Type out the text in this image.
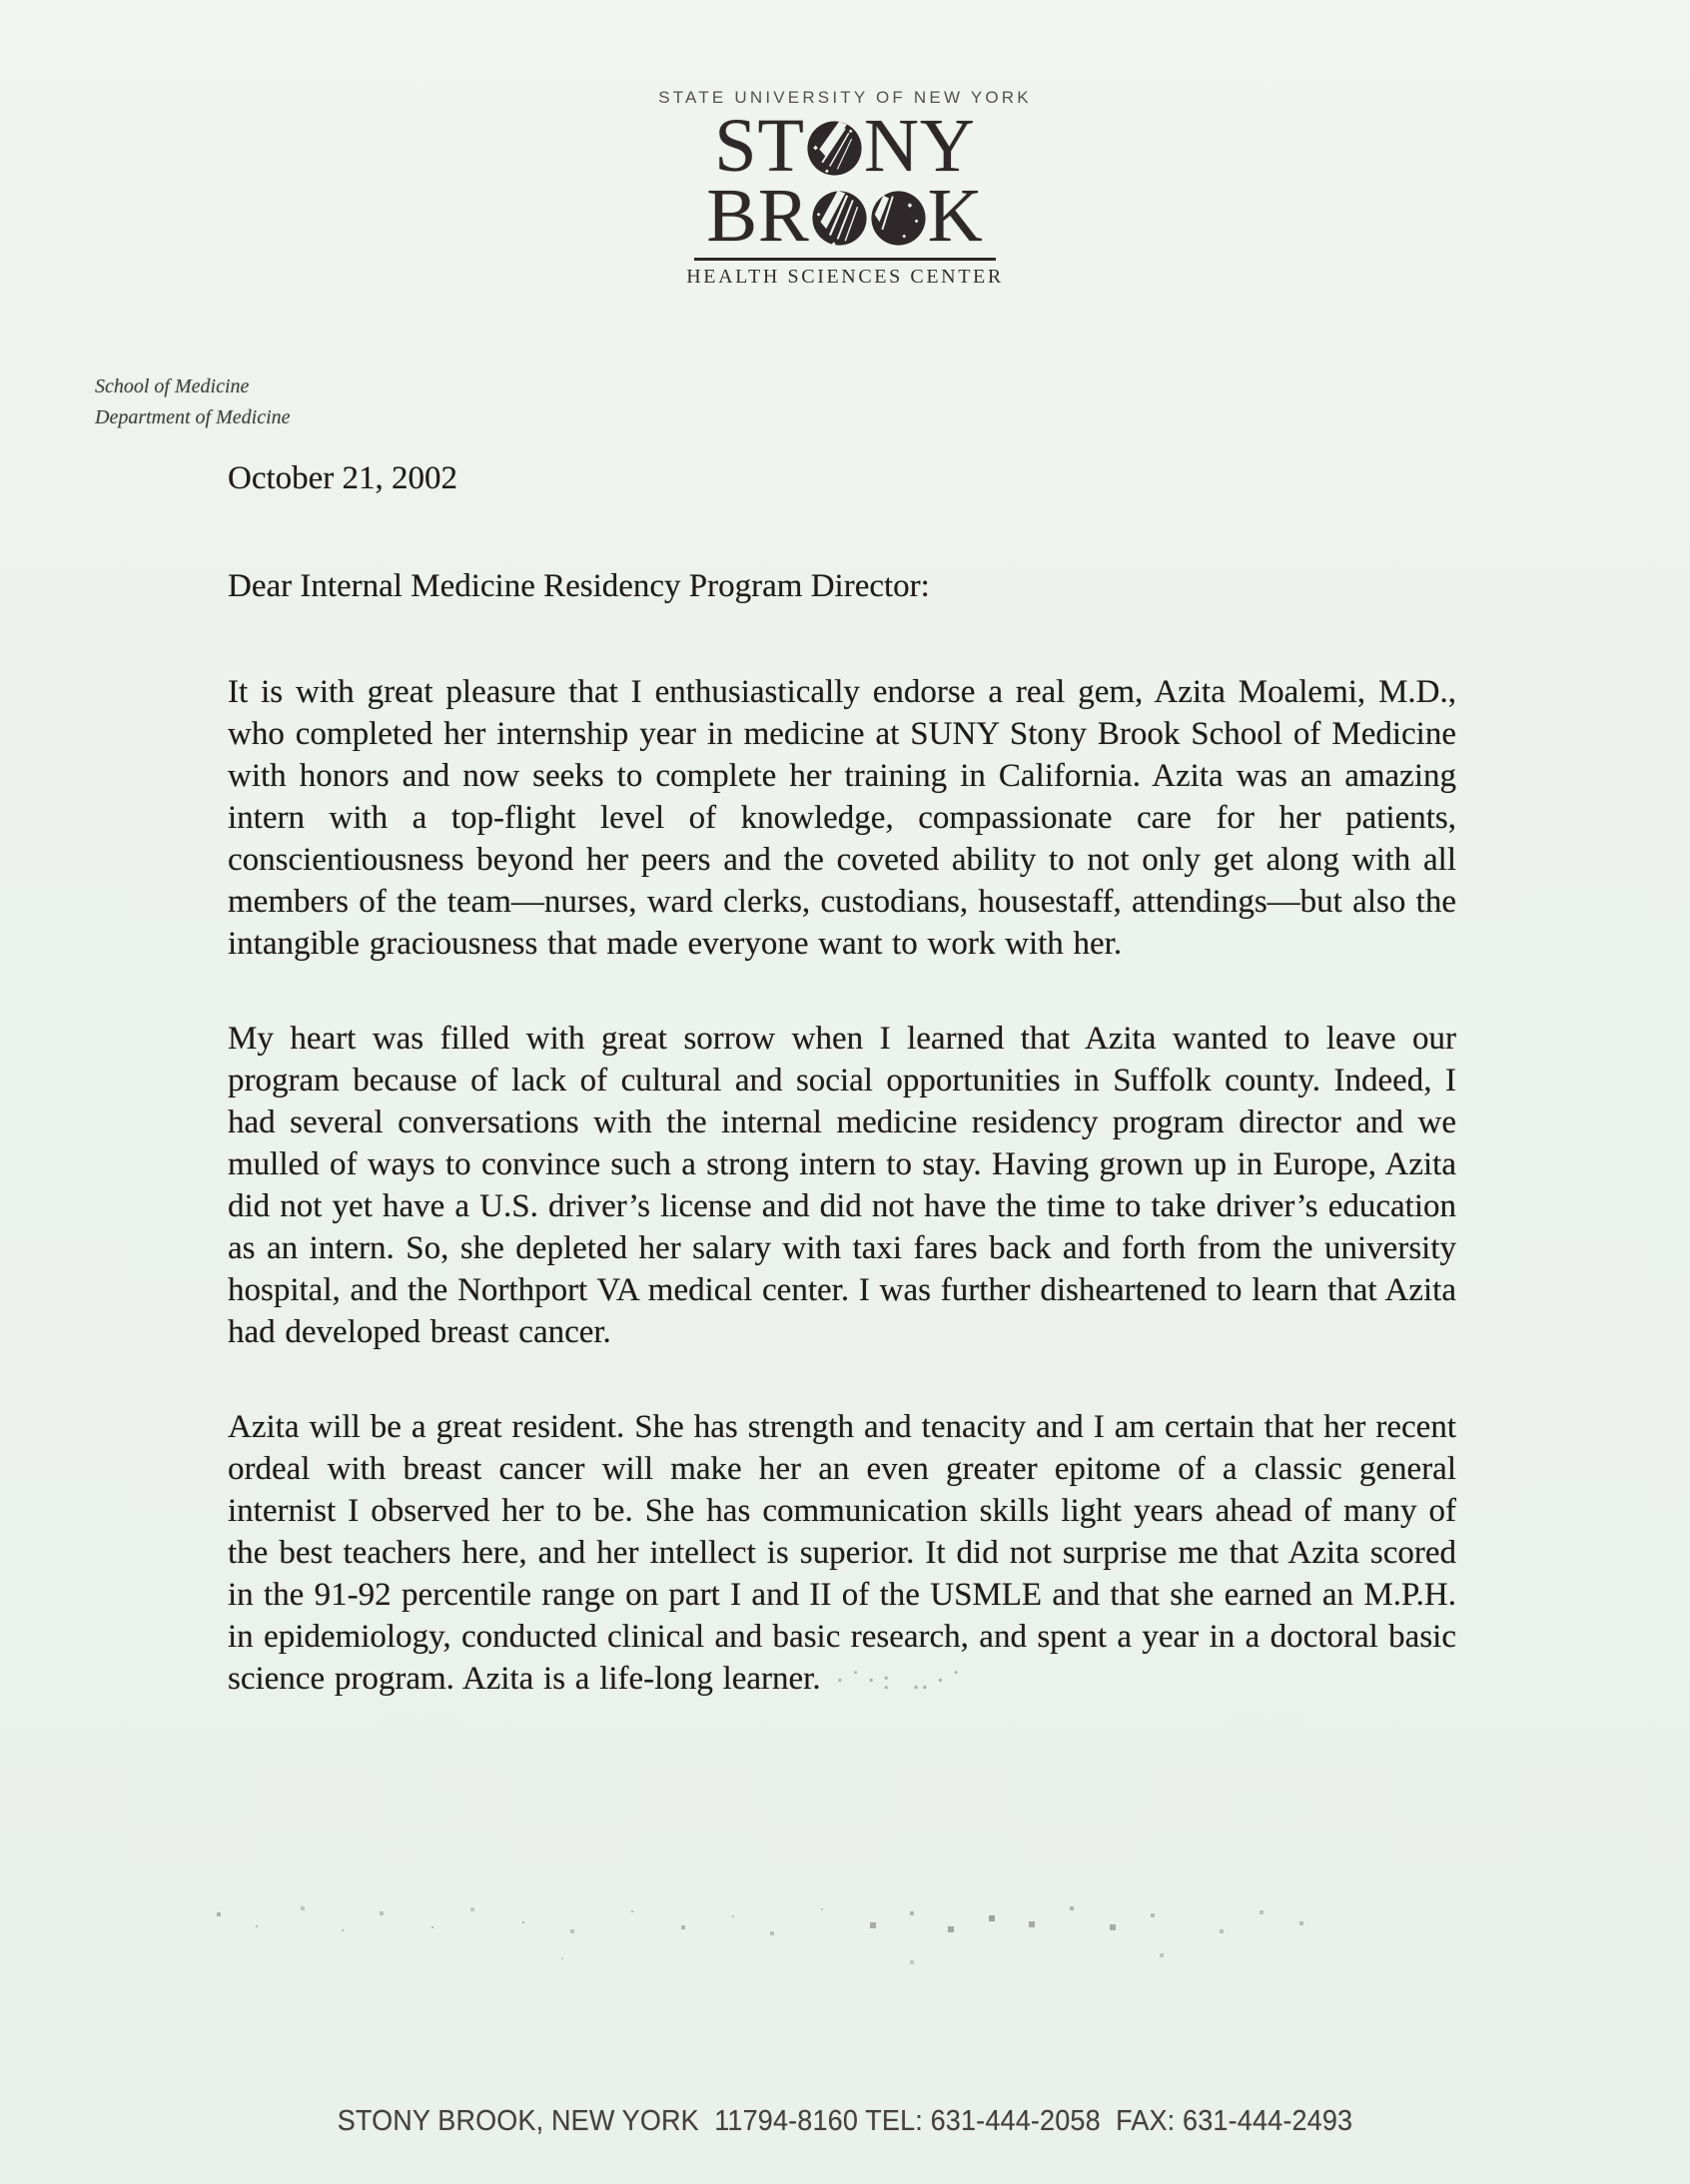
STATE UNIVERSITY OF NEW YORK
ST NY
BR K
HEALTH SCIENCES CENTER
School of Medicine
Department of Medicine

October 21, 2002

Dear Internal Medicine Residency Program Director:

It is with great pleasure that I enthusiastically endorse a real gem, Azita Moalemi, M.D., who completed her internship year in medicine at SUNY Stony Brook School of Medicine with honors and now seeks to complete her training in California. Azita was an amazing intern with a top-flight level of knowledge, compassionate care for her patients, conscientiousness beyond her peers and the coveted ability to not only get along with all members of the team—nurses, ward clerks, custodians, housestaff, attendings—but also the intangible graciousness that made everyone want to work with her.

My heart was filled with great sorrow when I learned that Azita wanted to leave our program because of lack of cultural and social opportunities in Suffolk county. Indeed, I had several conversations with the internal medicine residency program director and we mulled of ways to convince such a strong intern to stay. Having grown up in Europe, Azita did not yet have a U.S. driver’s license and did not have the time to take driver’s education as an intern. So, she depleted her salary with taxi fares back and forth from the university hospital, and the Northport VA medical center. I was further disheartened to learn that Azita had developed breast cancer.

Azita will be a great resident. She has strength and tenacity and I am certain that her recent ordeal with breast cancer will make her an even greater epitome of a classic general internist I observed her to be. She has communication skills light years ahead of many of the best teachers here, and her intellect is superior. It did not surprise me that Azita scored in the 91-92 percentile range on part I and II of the USMLE and that she earned an M.P.H. in epidemiology, conducted clinical and basic research, and spent a year in a doctoral basic science program. Azita is a life-long learner. ·˙·: ‥·˙

STONY BROOK, NEW YORK  11794-8160 TEL: 631-444-2058  FAX: 631-444-2493
